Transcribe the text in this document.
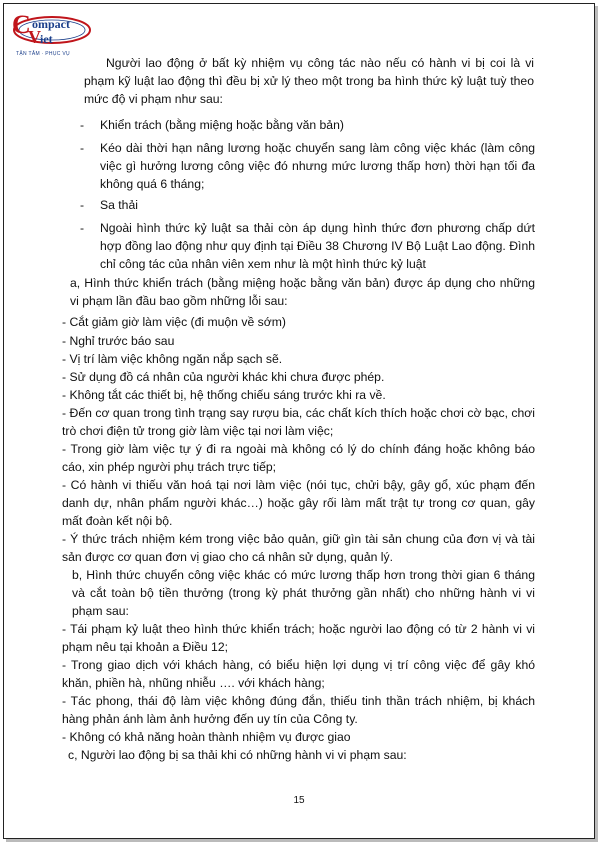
C ompact
V iet
TẬN TÂM · PHỤC VỤ
Người lao động ở bất kỳ nhiệm vụ công tác nào nếu có hành vi bị coi là vi phạm kỹ luật lao động thì đều bị xử lý theo một trong ba hình thức kỷ luật tuỳ theo mức độ vi phạm như sau:
- Khiển trách (bằng miệng hoặc bằng văn bản)
- Kéo dài thời hạn nâng lương hoặc chuyển sang làm công việc khác (làm công việc gì hưởng lương công việc đó nhưng mức lương thấp hơn) thời hạn tối đa không quá 6 tháng;
- Sa thải
- Ngoài hình thức kỷ luật sa thải còn áp dụng hình thức đơn phương chấp dứt hợp đồng lao động như quy định tại Điều 38 Chương IV Bộ Luật Lao động. Đình chỉ công tác của nhân viên xem như là một hình thức kỷ luật
a, Hình thức khiển trách (bằng miệng hoặc bằng văn bản) được áp dụng cho những vi phạm lần đầu bao gồm những lỗi sau:
- Cắt giảm giờ làm việc (đi muộn về sớm)
- Nghỉ trước báo sau
- Vị trí làm việc không ngăn nắp sạch sẽ.
- Sử dụng đồ cá nhân của người khác khi chưa được phép.
- Không tắt các thiết bị, hệ thống chiếu sáng trước khi ra về.
- Đến cơ quan trong tình trạng say rượu bia, các chất kích thích hoặc chơi cờ bạc, chơi trò chơi điện tử trong giờ làm việc tại nơi làm việc;
- Trong giờ làm việc tự ý đi ra ngoài mà không có lý do chính đáng hoặc không báo cáo, xin phép người phụ trách trực tiếp;
- Có hành vi thiếu văn hoá tại nơi làm việc (nói tục, chửi bậy, gây gổ, xúc phạm đến danh dự, nhân phẩm người khác…) hoặc gây rối làm mất trật tự trong cơ quan, gây mất đoàn kết nội bộ.
- Ý thức trách nhiệm kém trong việc bảo quản, giữ gìn tài sản chung của đơn vị và tài sản được cơ quan đơn vị giao cho cá nhân sử dụng, quản lý.
b, Hình thức chuyển công việc khác có mức lương thấp hơn trong thời gian 6 tháng và cắt toàn bộ tiền thưởng (trong kỳ phát thưởng gần nhất) cho những hành vi vi phạm sau:
- Tái phạm kỷ luật theo hình thức khiển trách; hoặc người lao động có từ 2 hành vi vi phạm nêu tại khoản a Điều 12;
- Trong giao dịch với khách hàng, có biểu hiện lợi dụng vị trí công việc để gây khó khăn, phiền hà, nhũng nhiễu …. với khách hàng;
- Tác phong, thái độ làm việc không đúng đắn, thiếu tinh thần trách nhiệm, bị khách hàng phản ánh làm ảnh hưởng đến uy tín của Công ty.
- Không có khả năng hoàn thành nhiệm vụ được giao
c, Người lao động bị sa thải khi có những hành vi vi phạm sau:
15
